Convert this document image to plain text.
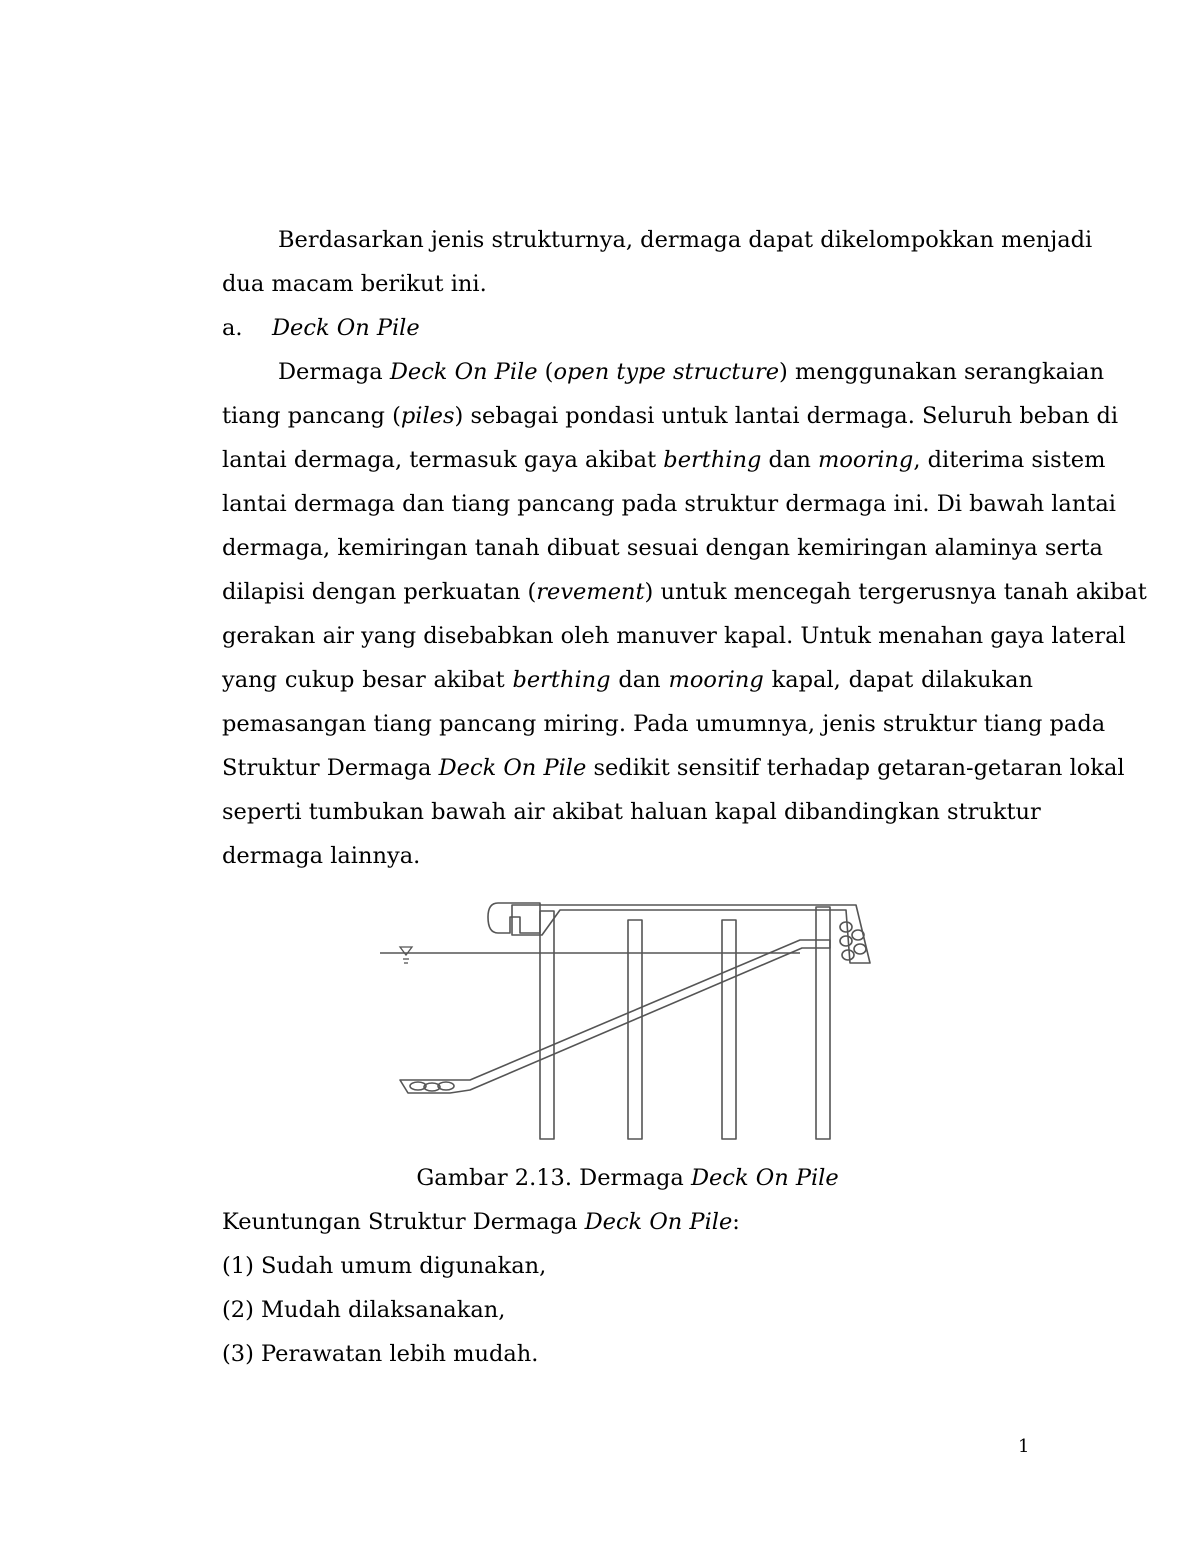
Berdasarkan jenis strukturnya, dermaga dapat dikelompokkan menjadi
dua macam berikut ini.
a. Deck On Pile
Dermaga Deck On Pile (open type structure) menggunakan serangkaian
tiang pancang (piles) sebagai pondasi untuk lantai dermaga. Seluruh beban di
lantai dermaga, termasuk gaya akibat berthing dan mooring, diterima sistem
lantai dermaga dan tiang pancang pada struktur dermaga ini. Di bawah lantai
dermaga, kemiringan tanah dibuat sesuai dengan kemiringan alaminya serta
dilapisi dengan perkuatan (revement) untuk mencegah tergerusnya tanah akibat
gerakan air yang disebabkan oleh manuver kapal. Untuk menahan gaya lateral
yang cukup besar akibat berthing dan mooring kapal, dapat dilakukan
pemasangan tiang pancang miring. Pada umumnya, jenis struktur tiang pada
Struktur Dermaga Deck On Pile sedikit sensitif terhadap getaran-getaran lokal
seperti tumbukan bawah air akibat haluan kapal dibandingkan struktur
dermaga lainnya.
Gambar 2.13. Dermaga Deck On Pile
Keuntungan Struktur Dermaga Deck On Pile:
(1) Sudah umum digunakan,
(2) Mudah dilaksanakan,
(3) Perawatan lebih mudah.
1
